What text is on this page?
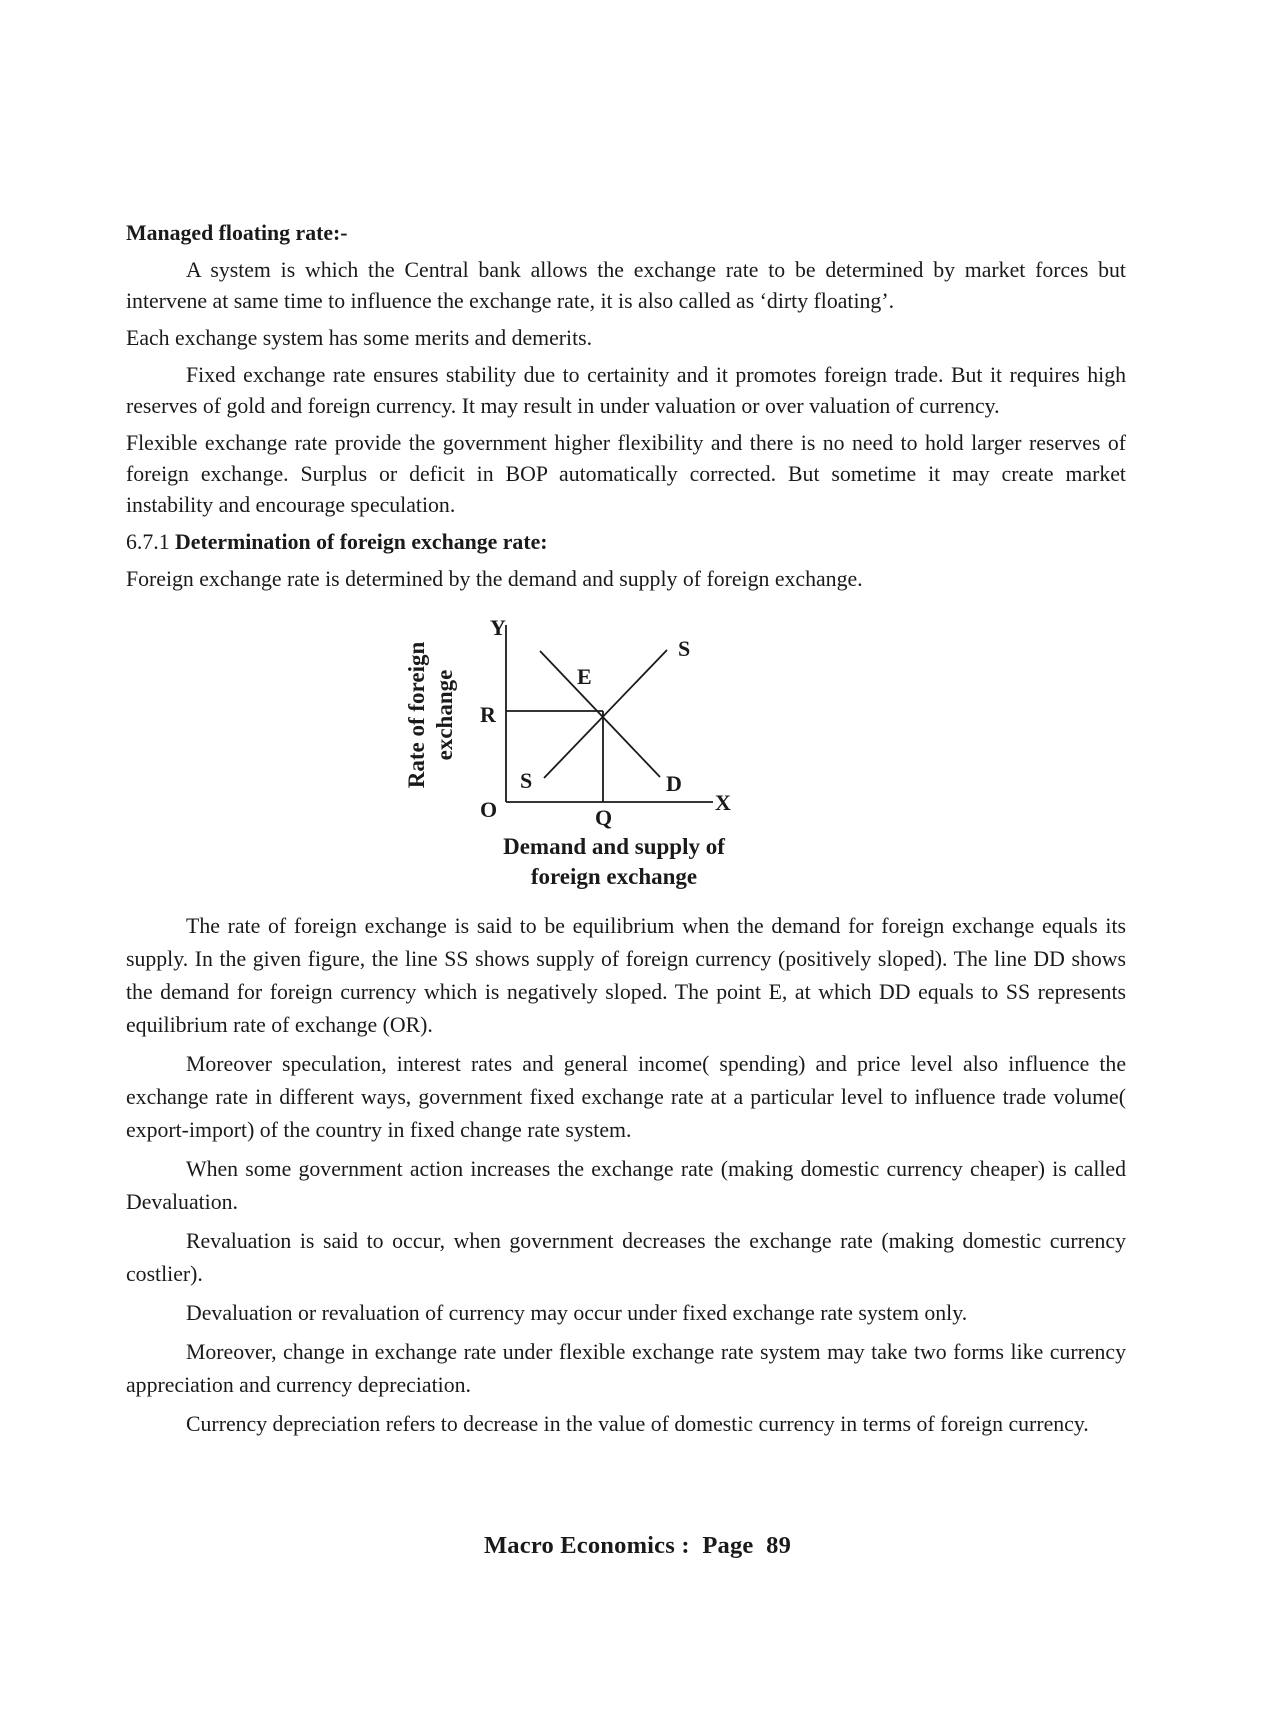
Managed floating rate:-

A system is which the Central bank allows the exchange rate to be determined by market forces but intervene at same time to influence the exchange rate, it is also called as ‘dirty floating’.

Each exchange system has some merits and demerits.

Fixed exchange rate ensures stability due to certainity and it promotes foreign trade. But it requires high reserves of gold and foreign currency. It may result in under valuation or over valuation of currency.

Flexible exchange rate provide the government higher flexibility and there is no need to hold larger reserves of foreign exchange. Surplus or deficit in BOP automatically corrected. But sometime it may create market instability and encourage speculation.

6.7.1 Determination of foreign exchange rate:

Foreign exchange rate is determined by the demand and supply of foreign exchange.

Y
X
O
R
Q
E
S
S	D
Rate of foreign exchange
Demand and supply of
foreign exchange

The rate of foreign exchange is said to be equilibrium when the demand for foreign exchange equals its supply. In the given figure, the line SS shows supply of foreign currency (positively sloped). The line DD shows the demand for foreign currency which is negatively sloped. The point E, at which DD equals to SS represents equilibrium rate of exchange (OR).

Moreover speculation, interest rates and general income( spending) and price level also influence the exchange rate in different ways, government fixed exchange rate at a particular level to influence trade volume( export-import) of the country in fixed change rate system.

When some government action increases the exchange rate (making domestic currency cheaper) is called Devaluation.

Revaluation is said to occur, when government decreases the exchange rate (making domestic currency costlier).

Devaluation or revaluation of currency may occur under fixed exchange rate system only.

Moreover, change in exchange rate under flexible exchange rate system may take two forms like currency appreciation and currency depreciation.

Currency depreciation refers to decrease in the value of domestic currency in terms of foreign currency.

Macro Economics :  Page  89
